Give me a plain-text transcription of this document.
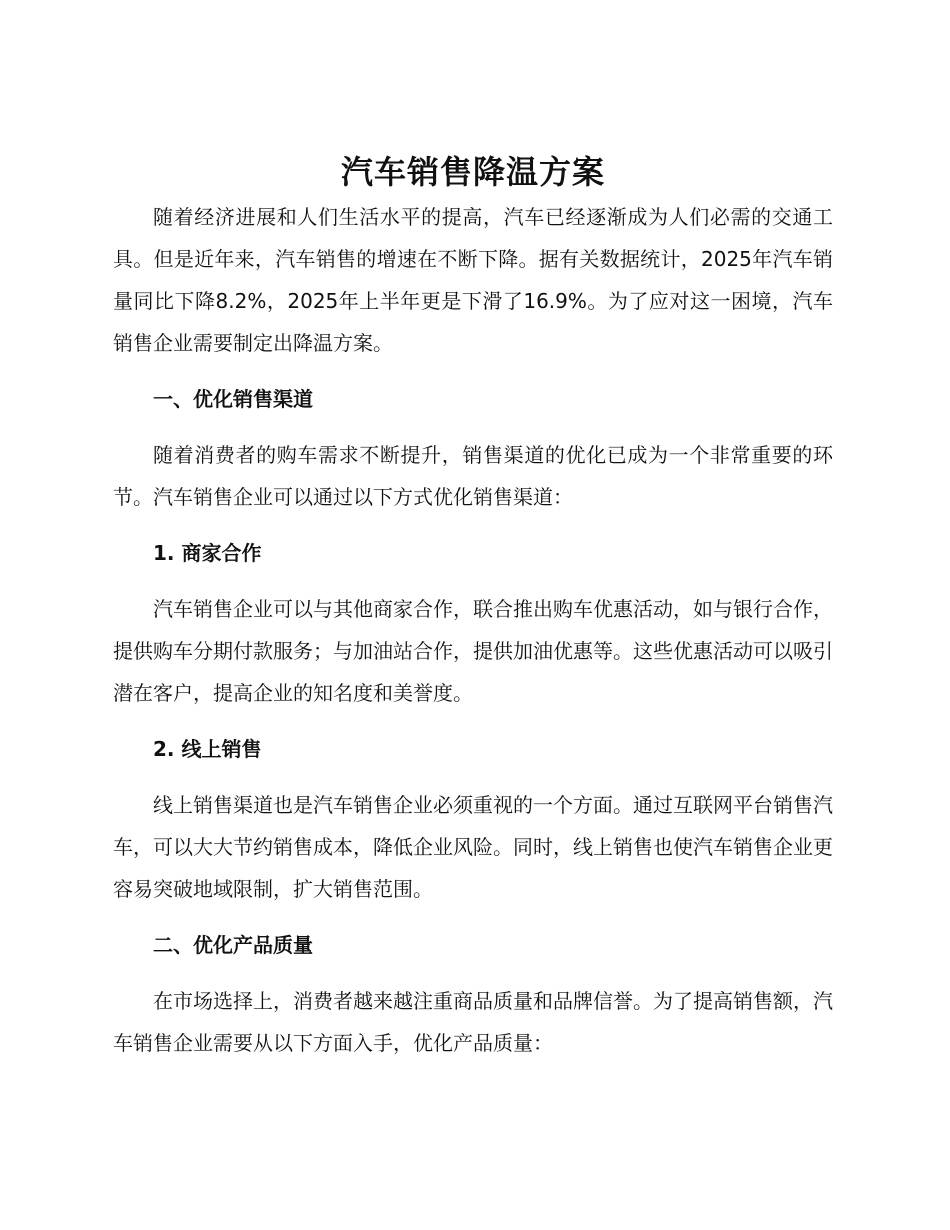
汽车销售降温方案

随着经济进展和人们生活水平的提高，汽车已经逐渐成为人们必需的交通工具。但是近年来，汽车销售的增速在不断下降。据有关数据统计，2025年汽车销量同比下降8.2%，2025年上半年更是下滑了16.9%。为了应对这一困境，汽车销售企业需要制定出降温方案。

一、优化销售渠道

随着消费者的购车需求不断提升，销售渠道的优化已成为一个非常重要的环节。汽车销售企业可以通过以下方式优化销售渠道：

1. 商家合作

汽车销售企业可以与其他商家合作，联合推出购车优惠活动，如与银行合作，提供购车分期付款服务；与加油站合作，提供加油优惠等。这些优惠活动可以吸引潜在客户，提高企业的知名度和美誉度。

2. 线上销售

线上销售渠道也是汽车销售企业必须重视的一个方面。通过互联网平台销售汽车，可以大大节约销售成本，降低企业风险。同时，线上销售也使汽车销售企业更容易突破地域限制，扩大销售范围。

二、优化产品质量

在市场选择上，消费者越来越注重商品质量和品牌信誉。为了提高销售额，汽车销售企业需要从以下方面入手，优化产品质量：
